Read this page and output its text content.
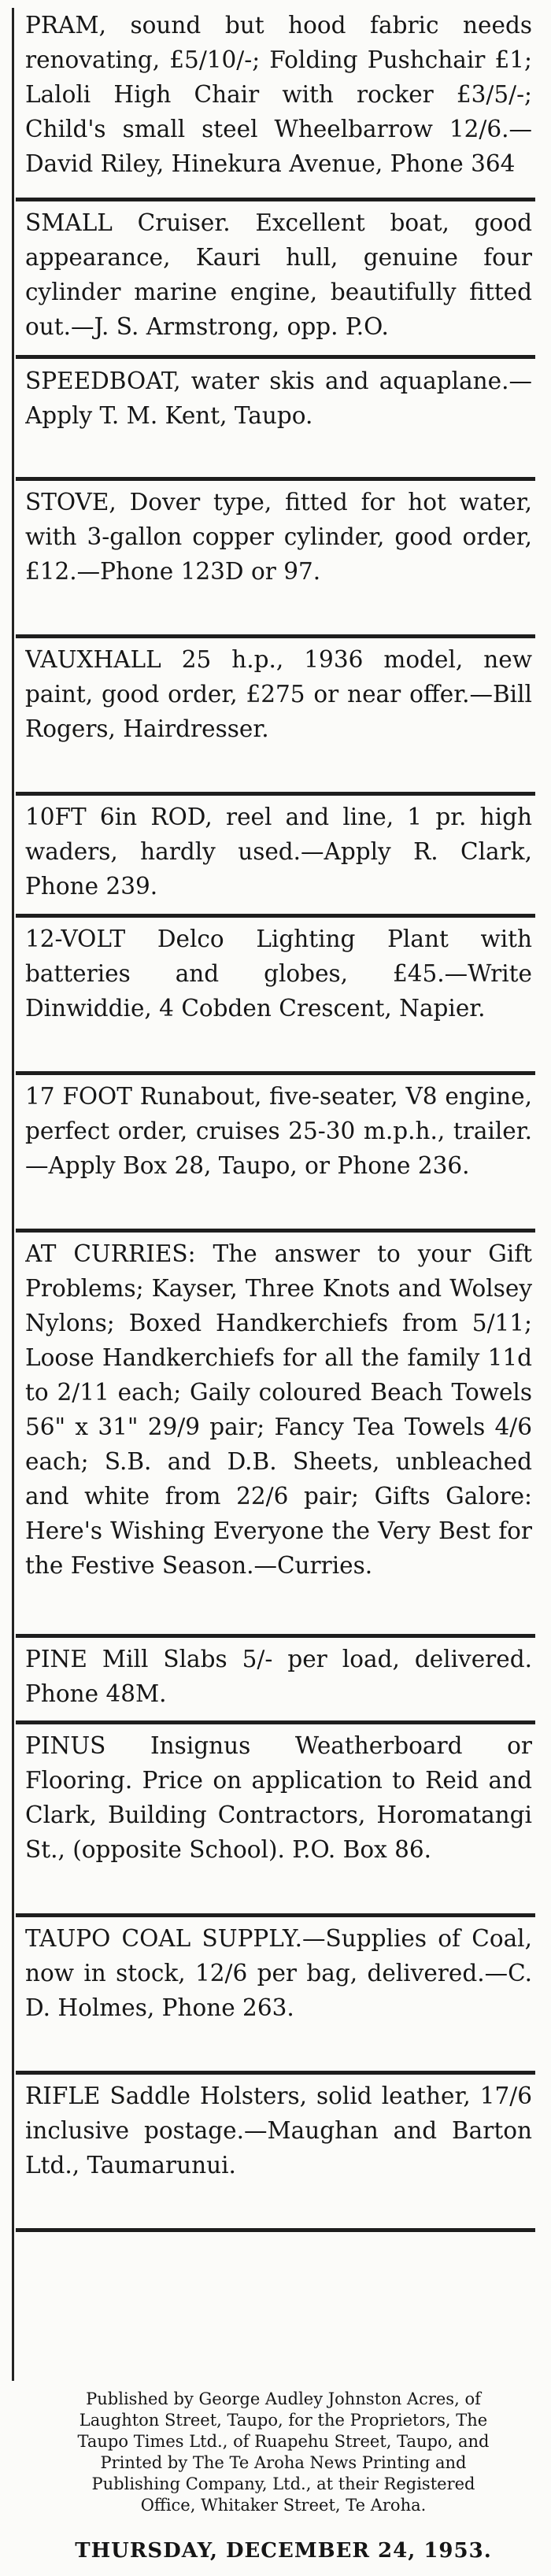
PRAM, sound but hood fabric needs renovating, £5/10/-; Folding Pushchair £1; Laloli High Chair with rocker £3/5/-; Child's small steel Wheelbarrow 12/6.—David Riley, Hinekura Avenue, Phone 364

SMALL Cruiser. Excellent boat, good appearance, Kauri hull, genuine four cylinder marine engine, beautifully fitted out.—J. S. Armstrong, opp. P.O.

SPEEDBOAT, water skis and aquaplane.—Apply T. M. Kent, Taupo.

STOVE, Dover type, fitted for hot water, with 3-gallon copper cylinder, good order, £12.—Phone 123D or 97.

VAUXHALL 25 h.p., 1936 model, new paint, good order, £275 or near offer.—Bill Rogers, Hairdresser.

10FT 6in ROD, reel and line, 1 pr. high waders, hardly used.—Apply R. Clark, Phone 239.

12-VOLT Delco Lighting Plant with batteries and globes, £45.—Write Dinwiddie, 4 Cobden Crescent, Napier.

17 FOOT Runabout, five-seater, V8 engine, perfect order, cruises 25-30 m.p.h., trailer.—Apply Box 28, Taupo, or Phone 236.

AT CURRIES: The answer to your Gift Problems; Kayser, Three Knots and Wolsey Nylons; Boxed Handkerchiefs from 5/11; Loose Handkerchiefs for all the family 11d to 2/11 each; Gaily coloured Beach Towels 56" x 31" 29/9 pair; Fancy Tea Towels 4/6 each; S.B. and D.B. Sheets, unbleached and white from 22/6 pair; Gifts Galore: Here's Wishing Everyone the Very Best for the Festive Season.—Curries.

PINE Mill Slabs 5/- per load, delivered. Phone 48M.

PINUS Insignus Weatherboard or Flooring. Price on application to Reid and Clark, Building Contractors, Horomatangi St., (opposite School). P.O. Box 86.

TAUPO COAL SUPPLY.—Supplies of Coal, now in stock, 12/6 per bag, delivered.—C. D. Holmes, Phone 263.

RIFLE Saddle Holsters, solid leather, 17/6 inclusive postage.—Maughan and Barton Ltd., Taumarunui.

Published by George Audley Johnston Acres, of Laughton Street, Taupo, for the Proprietors, The Taupo Times Ltd., of Ruapehu Street, Taupo, and Printed by The Te Aroha News Printing and Publishing Company, Ltd., at their Registered Office, Whitaker Street, Te Aroha.

THURSDAY, DECEMBER 24, 1953.
